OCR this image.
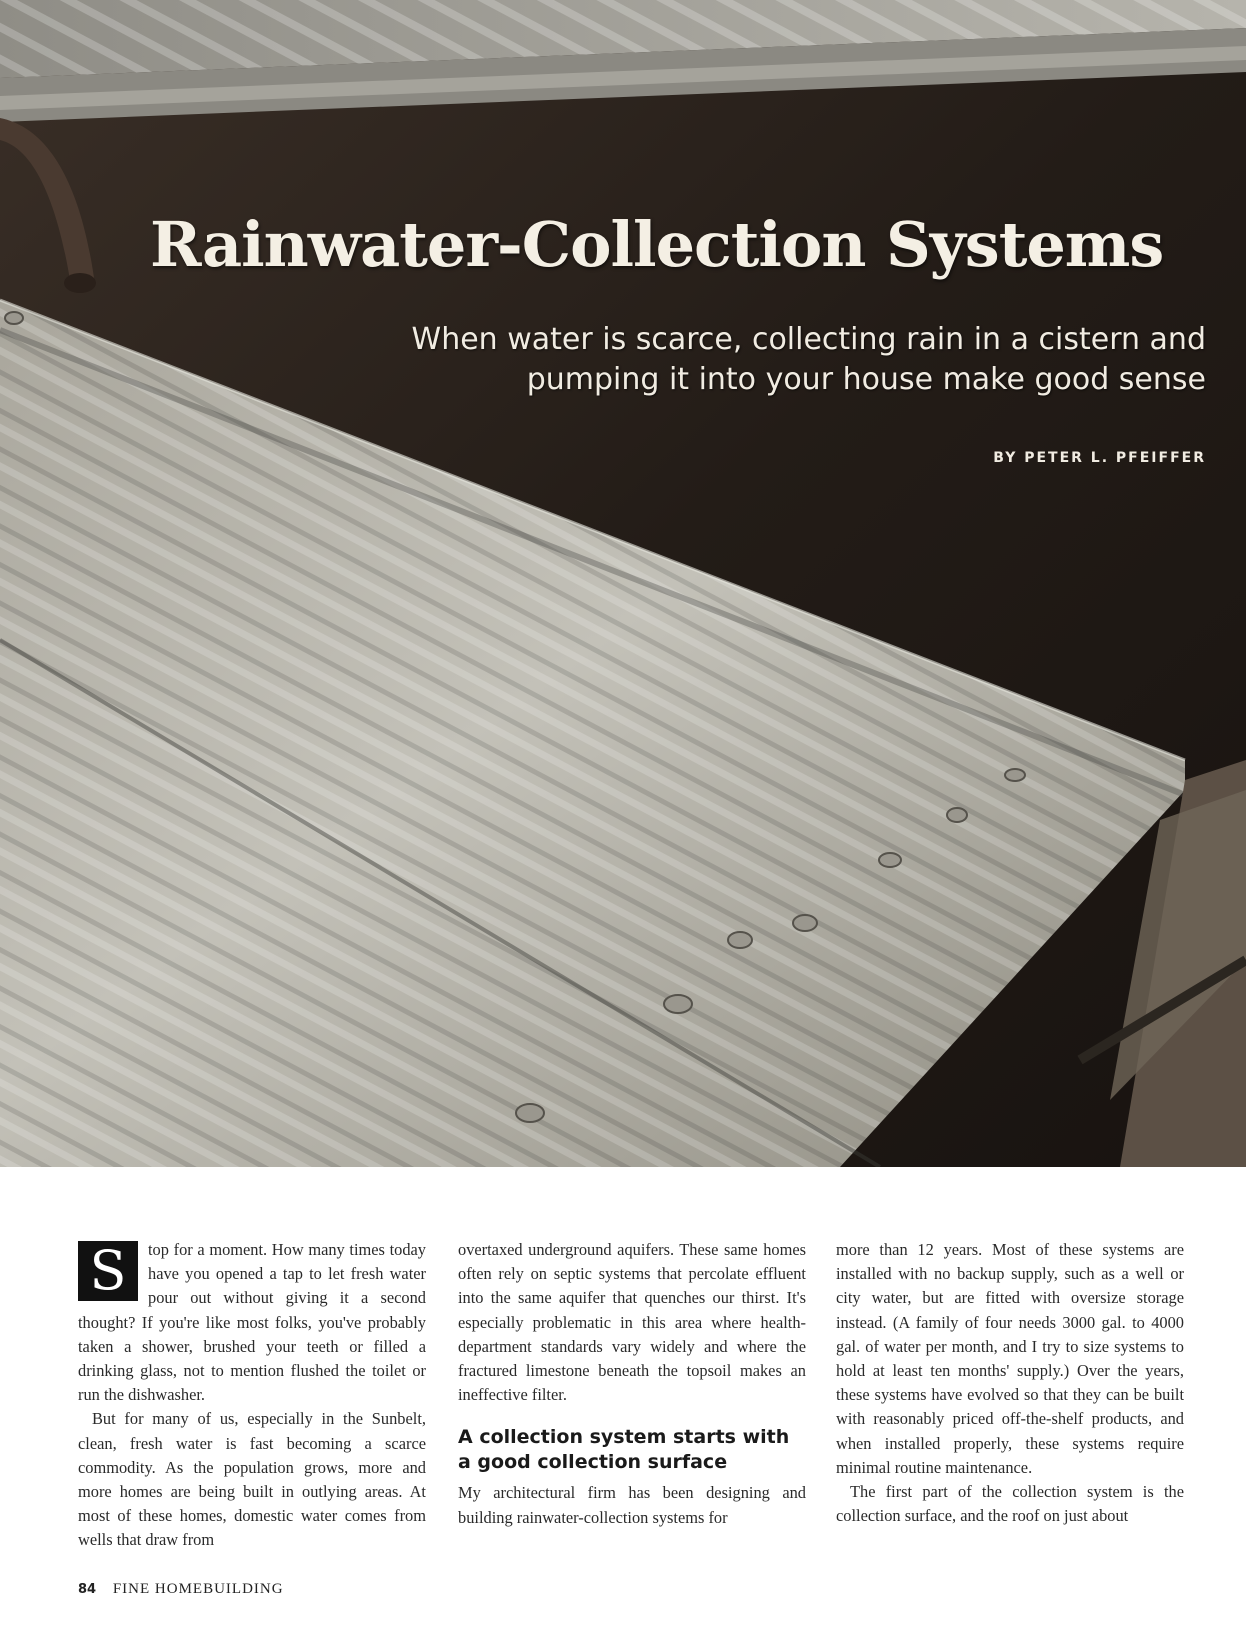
Rainwater-Collection Systems

When water is scarce, collecting rain in a cistern and pumping it into your house make good sense

BY PETER L. PFEIFFER

S	top for a moment. How many times today have you opened a tap to let fresh water pour out without giving it a second thought? If you're like most folks, you've probably taken a shower, brushed your teeth or filled a drinking glass, not to mention flushed the toilet or run the dishwasher.

But for many of us, especially in the Sunbelt, clean, fresh water is fast becoming a scarce commodity. As the population grows, more and more homes are being built in outlying areas. At most of these homes, domestic water comes from wells that draw from

overtaxed underground aquifers. These same homes often rely on septic systems that percolate effluent into the same aquifer that quenches our thirst. It's especially problematic in this area where health-department standards vary widely and where the fractured limestone beneath the topsoil makes an ineffective filter.

A collection system starts with a good collection surface

My architectural firm has been designing and building rainwater-collection systems for

more than 12 years. Most of these systems are installed with no backup supply, such as a well or city water, but are fitted with oversize storage instead. (A family of four needs 3000 gal. to 4000 gal. of water per month, and I try to size systems to hold at least ten months' supply.) Over the years, these systems have evolved so that they can be built with reasonably priced off-the-shelf products, and when installed properly, these systems require minimal routine maintenance.

The first part of the collection system is the collection surface, and the roof on just about

84 FINE HOMEBUILDING
